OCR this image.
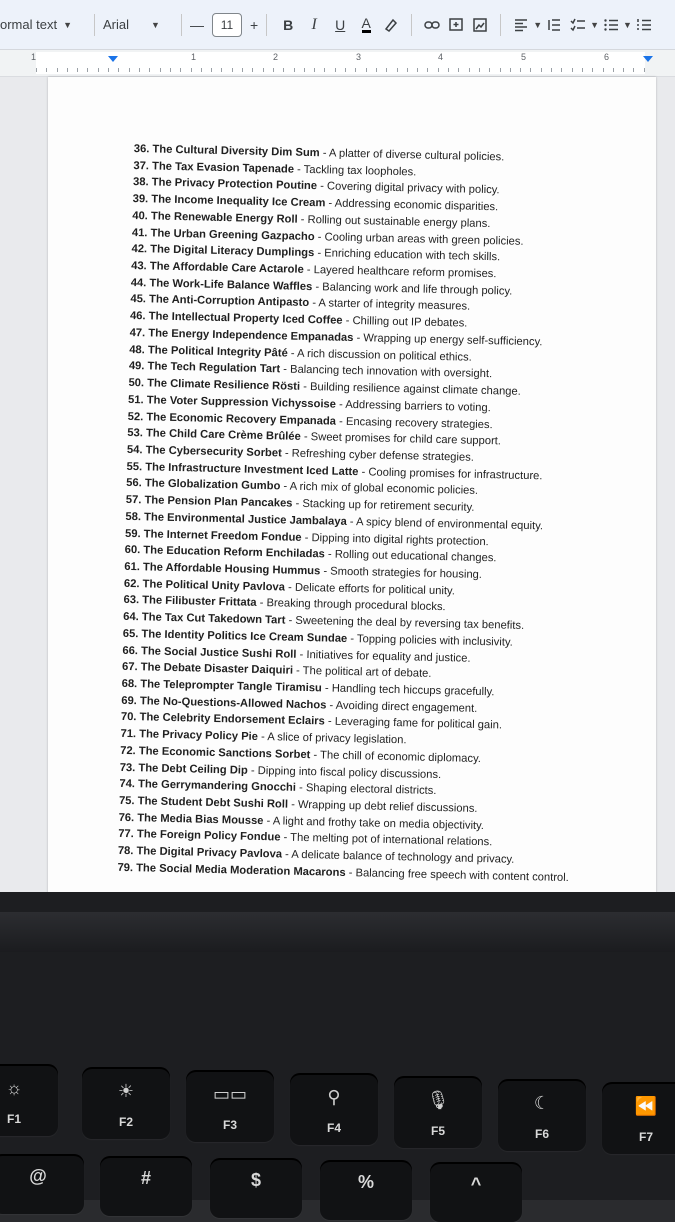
ormal text ▼ Arial ▼ —	11	+	B	I	U	A	▼	▼	▼
1	1	2	3	4	5	6
36. The Cultural Diversity Dim Sum - A platter of diverse cultural policies.
37. The Tax Evasion Tapenade - Tackling tax loopholes.
38. The Privacy Protection Poutine - Covering digital privacy with policy.
39. The Income Inequality Ice Cream - Addressing economic disparities.
40. The Renewable Energy Roll - Rolling out sustainable energy plans.
41. The Urban Greening Gazpacho - Cooling urban areas with green policies.
42. The Digital Literacy Dumplings - Enriching education with tech skills.
43. The Affordable Care Actarole - Layered healthcare reform promises.
44. The Work-Life Balance Waffles - Balancing work and life through policy.
45. The Anti-Corruption Antipasto - A starter of integrity measures.
46. The Intellectual Property Iced Coffee - Chilling out IP debates.
47. The Energy Independence Empanadas - Wrapping up energy self-sufficiency.
48. The Political Integrity Pâté - A rich discussion on political ethics.
49. The Tech Regulation Tart - Balancing tech innovation with oversight.
50. The Climate Resilience Rösti - Building resilience against climate change.
51. The Voter Suppression Vichyssoise - Addressing barriers to voting.
52. The Economic Recovery Empanada - Encasing recovery strategies.
53. The Child Care Crème Brûlée - Sweet promises for child care support.
54. The Cybersecurity Sorbet - Refreshing cyber defense strategies.
55. The Infrastructure Investment Iced Latte - Cooling promises for infrastructure.
56. The Globalization Gumbo - A rich mix of global economic policies.
57. The Pension Plan Pancakes - Stacking up for retirement security.
58. The Environmental Justice Jambalaya - A spicy blend of environmental equity.
59. The Internet Freedom Fondue - Dipping into digital rights protection.
60. The Education Reform Enchiladas - Rolling out educational changes.
61. The Affordable Housing Hummus - Smooth strategies for housing.
62. The Political Unity Pavlova - Delicate efforts for political unity.
63. The Filibuster Frittata - Breaking through procedural blocks.
64. The Tax Cut Takedown Tart - Sweetening the deal by reversing tax benefits.
65. The Identity Politics Ice Cream Sundae - Topping policies with inclusivity.
66. The Social Justice Sushi Roll - Initiatives for equality and justice.
67. The Debate Disaster Daiquiri - The political art of debate.
68. The Teleprompter Tangle Tiramisu - Handling tech hiccups gracefully.
69. The No-Questions-Allowed Nachos - Avoiding direct engagement.
70. The Celebrity Endorsement Eclairs - Leveraging fame for political gain.
71. The Privacy Policy Pie - A slice of privacy legislation.
72. The Economic Sanctions Sorbet - The chill of economic diplomacy.
73. The Debt Ceiling Dip - Dipping into fiscal policy discussions.
74. The Gerrymandering Gnocchi - Shaping electoral districts.
75. The Student Debt Sushi Roll - Wrapping up debt relief discussions.
76. The Media Bias Mousse - A light and frothy take on media objectivity.
77. The Foreign Policy Fondue - The melting pot of international relations.
78. The Digital Privacy Pavlova - A delicate balance of technology and privacy.
79. The Social Media Moderation Macarons - Balancing free speech with content control.
☼
F1
☀
F2
▭▭
F3
⚲
F4
🎙
F5
☾
F6
⏪
F7
@	#	$	%	^
